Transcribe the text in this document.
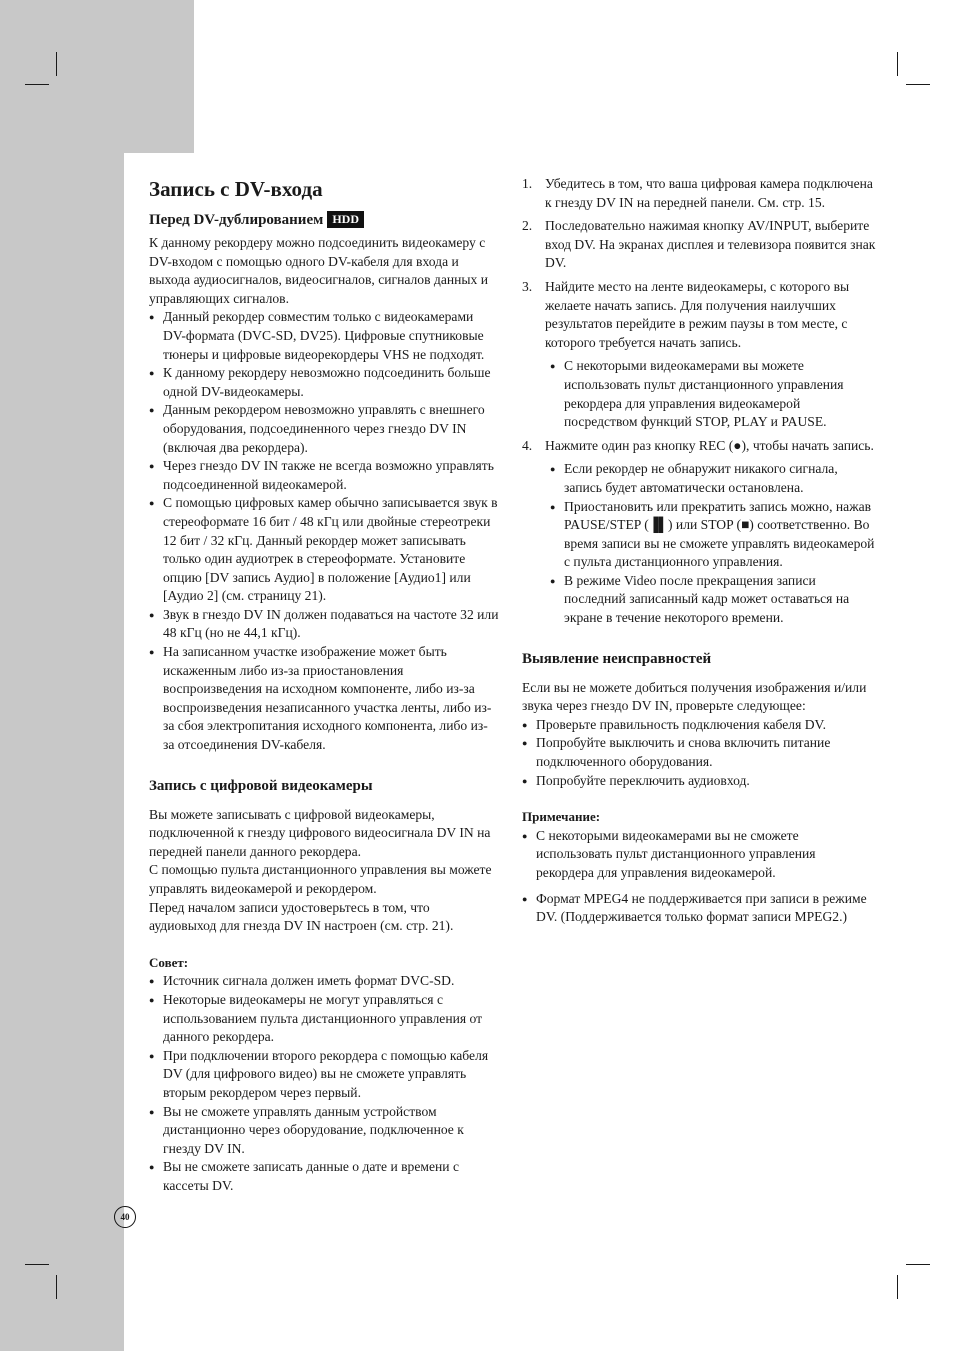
Запись с DV-входа
Перед DV-дублированием HDD

К данному рекордеру можно подсоединить видеокамеру с DV-входом с помощью одного DV-кабеля для входа и выхода аудиосигналов, видеосигналов, сигналов данных и управляющих сигналов.

● Данный рекордер совместим только с видеокамерами DV-формата (DVC-SD, DV25). Цифровые спутниковые тюнеры и цифровые видеорекордеры VHS не подходят.
● К данному рекордеру невозможно подсоединить больше одной DV-видеокамеры.
● Данным рекордером невозможно управлять с внешнего оборудования, подсоединенного через гнездо DV IN (включая два рекордера).
● Через гнездо DV IN также не всегда возможно управлять подсоединенной видеокамерой.
● С помощью цифровых камер обычно записывается звук в стереоформате 16 бит / 48 кГц или двойные стереотреки 12 бит / 32 кГц. Данный рекордер может записывать только один аудиотрек в стереоформате. Установите опцию [DV запись Аудио] в положение [Аудио1] или [Аудио 2] (см. страницу 21).
● Звук в гнездо DV IN должен подаваться на частоте 32 или 48 кГц (но не 44,1 кГц).
● На записанном участке изображение может быть искаженным либо из-за приостановления воспроизведения на исходном компоненте, либо из-за воспроизведения незаписанного участка ленты, либо из-за сбоя электропитания исходного компонента, либо из-за отсоединения DV-кабеля.
Запись с цифровой видеокамеры

Вы можете записывать с цифровой видеокамеры, подключенной к гнезду цифрового видеосигнала DV IN на передней панели данного рекордера.

С помощью пульта дистанционного управления вы можете управлять видеокамерой и рекордером.

Перед началом записи удостоверьтесь в том, что аудиовыход для гнезда DV IN настроен (см. стр. 21).

Совет:
● Источник сигнала должен иметь формат DVC-SD.
● Некоторые видеокамеры не могут управляться с использованием пульта дистанционного управления от данного рекордера.
● При подключении второго рекордера с помощью кабеля DV (для цифрового видео) вы не сможете управлять вторым рекордером через первый.
● Вы не сможете управлять данным устройством дистанционно через оборудование, подключенное к гнезду DV IN.
● Вы не сможете записать данные о дате и времени с кассеты DV.
1. Убедитесь в том, что ваша цифровая камера подключена к гнезду DV IN на передней панели. См. стр. 15.
2. Последовательно нажимая кнопку AV/INPUT, выберите вход DV. На экранах дисплея и телевизора появится знак DV.
3. Найдите место на ленте видеокамеры, с которого вы желаете начать запись. Для получения наилучших результатов перейдите в режим паузы в том месте, с которого требуется начать запись.
● С некоторыми видеокамерами вы можете использовать пульт дистанционного управления рекордера для управления видеокамерой посредством функций STOP, PLAY и PAUSE.
4. Нажмите один раз кнопку REC (●), чтобы начать запись.
● Если рекордер не обнаружит никакого сигнала, запись будет автоматически остановлена.
● Приостановить или прекратить запись можно, нажав PAUSE/STEP (▐▌) или STOP (■) соответственно. Во время записи вы не сможете управлять видеокамерой с пульта дистанционного управления.
● В режиме Video после прекращения записи последний записанный кадр может оставаться на экране в течение некоторого времени.
Выявление неисправностей

Если вы не можете добиться получения изображения и/или звука через гнездо DV IN, проверьте следующее:

● Проверьте правильность подключения кабеля DV.
● Попробуйте выключить и снова включить питание подключенного оборудования.
● Попробуйте переключить аудиовход.
Примечание:
● С некоторыми видеокамерами вы не сможете использовать пульт дистанционного управления рекордера для управления видеокамерой.
● Формат MPEG4 не поддерживается при записи в режиме DV. (Поддерживается только формат записи MPEG2.)
40
